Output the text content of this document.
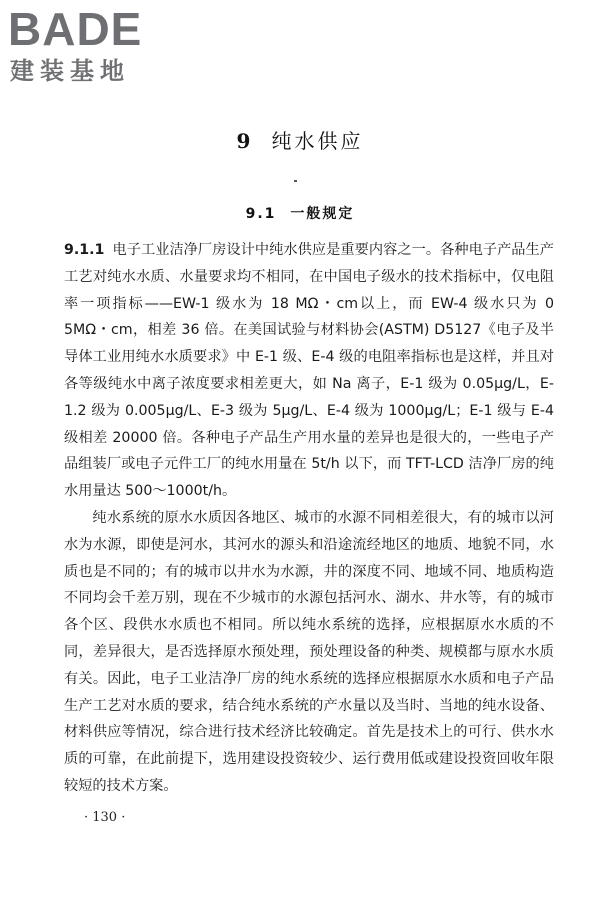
BADE
建装基地
9 纯水供应
9.1 一般规定

9.1.1 电子工业洁净厂房设计中纯水供应是重要内容之一。各种电子产品生产工艺对纯水水质、水量要求均不相同，在中国电子级水的技术指标中，仅电阻率一项指标——EW-1 级水为 18 MΩ・cm以上，而 EW-4 级水只为 0 5MΩ・cm，相差 36 倍。在美国试验与材料协会(ASTM) D5127《电子及半导体工业用纯水水质要求》中 E-1 级、E-4 级的电阻率指标也是这样，并且对各等级纯水中离子浓度要求相差更大，如 Na 离子，E-1 级为 0.05μg/L，E-1.2 级为 0.005μg/L、E-3 级为 5μg/L、E-4 级为 1000μg/L；E-1 级与 E-4 级相差 20000 倍。各种电子产品生产用水量的差异也是很大的，一些电子产品组装厂或电子元件工厂的纯水用量在 5t/h 以下，而 TFT-LCD 洁净厂房的纯水用量达 500～1000t/h。

纯水系统的原水水质因各地区、城市的水源不同相差很大，有的城市以河水为水源，即使是河水，其河水的源头和沿途流经地区的地质、地貌不同，水质也是不同的；有的城市以井水为水源，井的深度不同、地域不同、地质构造不同均会千差万别，现在不少城市的水源包括河水、湖水、井水等，有的城市各个区、段供水水质也不相同。所以纯水系统的选择，应根据原水水质的不同，差异很大，是否选择原水预处理，预处理设备的种类、规模都与原水水质有关。因此，电子工业洁净厂房的纯水系统的选择应根据原水水质和电子产品生产工艺对水质的要求，结合纯水系统的产水量以及当时、当地的纯水设备、材料供应等情况，综合进行技术经济比较确定。首先是技术上的可行、供水水质的可靠，在此前提下，选用建设投资较少、运行费用低或建设投资回收年限较短的技术方案。

· 130 ·
